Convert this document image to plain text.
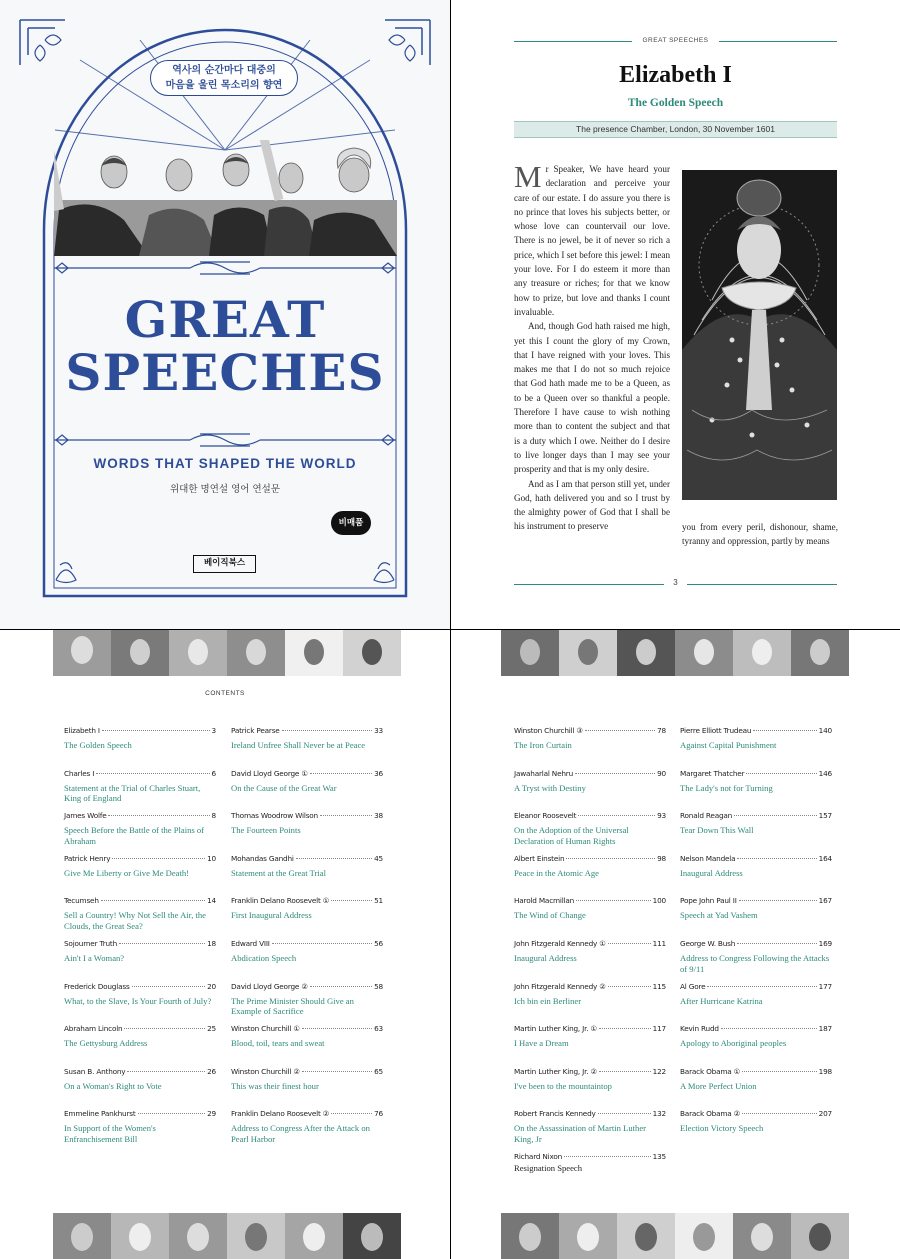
역사의 순간마다 대중의
마음을 울린 목소리의 향연
GREAT
SPEECHES
WORDS THAT SHAPED THE WORLD
위대한 명연설 영어 연설문
비매품
베이직북스
GREAT SPEECHES
Elizabeth I
The Golden Speech
The presence Chamber, London, 30 November 1601

Mr Speaker, We have heard your declaration and perceive your care of our estate. I do assure you there is no prince that loves his subjects better, or whose love can countervail our love. There is no jewel, be it of never so rich a price, which I set before this jewel: I mean your love. For I do esteem it more than any treasure or riches; for that we know how to prize, but love and thanks I count invaluable.

And, though God hath raised me high, yet this I count the glory of my Crown, that I have reigned with your loves. This makes me that I do not so much rejoice that God hath made me to be a Queen, as to be a Queen over so thankful a people. Therefore I have cause to wish nothing more than to content the subject and that is a duty which I owe. Neither do I desire to live longer days than I may see your prosperity and that is my only desire.

And as I am that person still yet, under God, hath delivered you and so I trust by the almighty power of God that I shall be his instrument to preserve	you from every peril, dishonour, shame, tyranny and oppression, partly by means
3
CONTENTS
Elizabeth I	3
The Golden Speech
Charles I	6
Statement at the Trial of Charles Stuart, King of England
James Wolfe	8
Speech Before the Battle of the Plains of Abraham
Patrick Henry	10
Give Me Liberty or Give Me Death!
Tecumseh	14
Sell a Country! Why Not Sell the Air, the Clouds, the Great Sea?
Sojourner Truth	18
Ain't I a Woman?
Frederick Douglass	20
What, to the Slave, Is Your Fourth of July?
Abraham Lincoln	25
The Gettysburg Address
Susan B. Anthony	26
On a Woman's Right to Vote
Emmeline Pankhurst	29
In Support of the Women's Enfranchisement Bill
Patrick Pearse	33
Ireland Unfree Shall Never be at Peace
David Lloyd George ①	36
On the Cause of the Great War
Thomas Woodrow Wilson	38
The Fourteen Points
Mohandas Gandhi	45
Statement at the Great Trial
Franklin Delano Roosevelt ①	51
First Inaugural Address
Edward VIII	56
Abdication Speech
David Lloyd George ②	58
The Prime Minister Should Give an Example of Sacrifice
Winston Churchill ①	63
Blood, toil, tears and sweat
Winston Churchill ②	65
This was their finest hour
Franklin Delano Roosevelt ②	76
Address to Congress After the Attack on Pearl Harbor
Winston Churchill ③	78
The Iron Curtain
Jawaharlal Nehru	90
A Tryst with Destiny
Eleanor Roosevelt	93
On the Adoption of the Universal Declaration of Human Rights
Albert Einstein	98
Peace in the Atomic Age
Harold Macmillan	100
The Wind of Change
John Fitzgerald Kennedy ①	111
Inaugural Address
John Fitzgerald Kennedy ②	115
Ich bin ein Berliner
Martin Luther King, Jr. ①	117
I Have a Dream
Martin Luther King, Jr. ②	122
I've been to the mountaintop
Robert Francis Kennedy	132
On the Assassination of Martin Luther King, Jr
Richard Nixon	135
Resignation Speech
Pierre Elliott Trudeau	140
Against Capital Punishment
Margaret Thatcher	146
The Lady's not for Turning
Ronald Reagan	157
Tear Down This Wall
Nelson Mandela	164
Inaugural Address
Pope John Paul II	167
Speech at Yad Vashem
George W. Bush	169
Address to Congress Following the Attacks of 9/11
Al Gore	177
After Hurricane Katrina
Kevin Rudd	187
Apology to Aboriginal peoples
Barack Obama ①	198
A More Perfect Union
Barack Obama ②	207
Election Victory Speech
